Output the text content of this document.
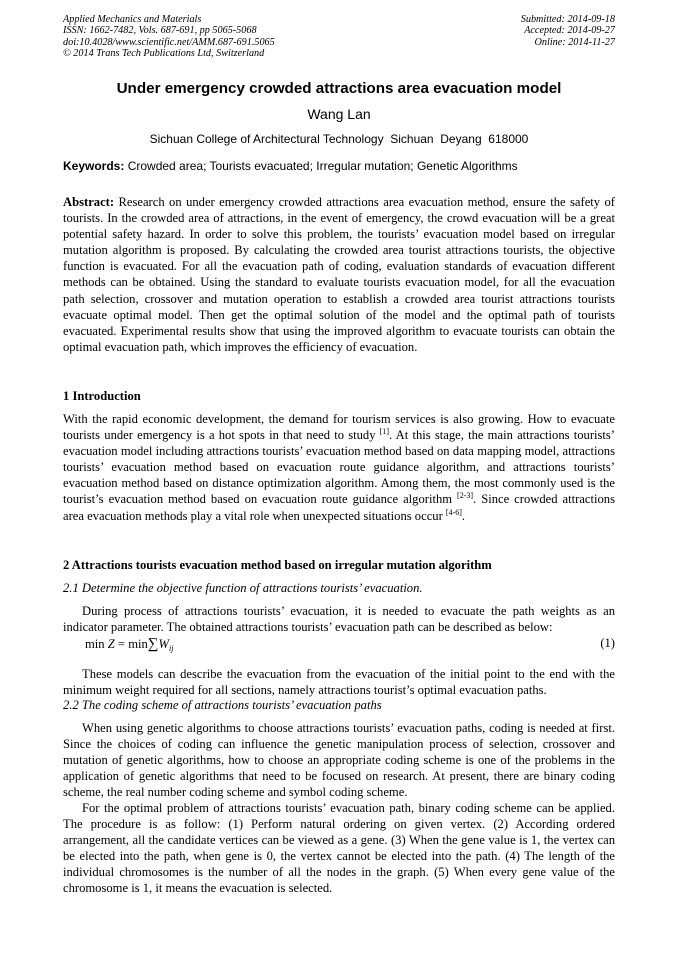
Applied Mechanics and Materials
ISSN: 1662-7482, Vols. 687-691, pp 5065-5068
doi:10.4028/www.scientific.net/AMM.687-691.5065
© 2014 Trans Tech Publications Ltd, Switzerland
Submitted: 2014-09-18
Accepted: 2014-09-27
Online: 2014-11-27
Under emergency crowded attractions area evacuation model
Wang Lan
Sichuan College of Architectural Technology  Sichuan  Deyang  618000
Keywords: Crowded area; Tourists evacuated; Irregular mutation; Genetic Algorithms
Abstract: Research on under emergency crowded attractions area evacuation method, ensure the safety of tourists. In the crowded area of attractions, in the event of emergency, the crowd evacuation will be a great potential safety hazard. In order to solve this problem, the tourists’ evacuation model based on irregular mutation algorithm is proposed. By calculating the crowded area tourist attractions tourists, the objective function is evacuated. For all the evacuation path of coding, evaluation standards of evacuation different methods can be obtained. Using the standard to evaluate tourists evacuation model, for all the evacuation path selection, crossover and mutation operation to establish a crowded area tourist attractions tourists evacuate optimal model. Then get the optimal solution of the model and the optimal path of tourists evacuated. Experimental results show that using the improved algorithm to evacuate tourists can obtain the optimal evacuation path, which improves the efficiency of evacuation.
1 Introduction
With the rapid economic development, the demand for tourism services is also growing. How to evacuate tourists under emergency is a hot spots in that need to study [1]. At this stage, the main attractions tourists’ evacuation model including attractions tourists’ evacuation method based on data mapping model, attractions tourists’ evacuation method based on evacuation route guidance algorithm, and attractions tourists’ evacuation method based on distance optimization algorithm. Among them, the most commonly used is the tourist’s evacuation method based on evacuation route guidance algorithm [2-3]. Since crowded attractions area evacuation methods play a vital role when unexpected situations occur [4-6].
2 Attractions tourists evacuation method based on irregular mutation algorithm
2.1 Determine the objective function of attractions tourists’ evacuation.
During process of attractions tourists’ evacuation, it is needed to evacuate the path weights as an indicator parameter. The obtained attractions tourists’ evacuation path can be described as below:
$\min Z = \min\sum W_{ij}$	(1)
These models can describe the evacuation from the evacuation of the initial point to the end with the minimum weight required for all sections, namely attractions tourist’s optimal evacuation paths.
2.2 The coding scheme of attractions tourists’ evacuation paths
When using genetic algorithms to choose attractions tourists’ evacuation paths, coding is needed at first. Since the choices of coding can influence the genetic manipulation process of selection, crossover and mutation of genetic algorithms, how to choose an appropriate coding scheme is one of the problems in the application of genetic algorithms that need to be focused on research. At present, there are binary coding scheme, the real number coding scheme and symbol coding scheme.
For the optimal problem of attractions tourists’ evacuation path, binary coding scheme can be applied. The procedure is as follow: (1) Perform natural ordering on given vertex. (2) According ordered arrangement, all the candidate vertices can be viewed as a gene. (3) When the gene value is 1, the vertex can be elected into the path, when gene is 0, the vertex cannot be elected into the path. (4) The length of the individual chromosomes is the number of all the nodes in the graph. (5) When every gene value of the chromosome is 1, it means the evacuation is selected.
